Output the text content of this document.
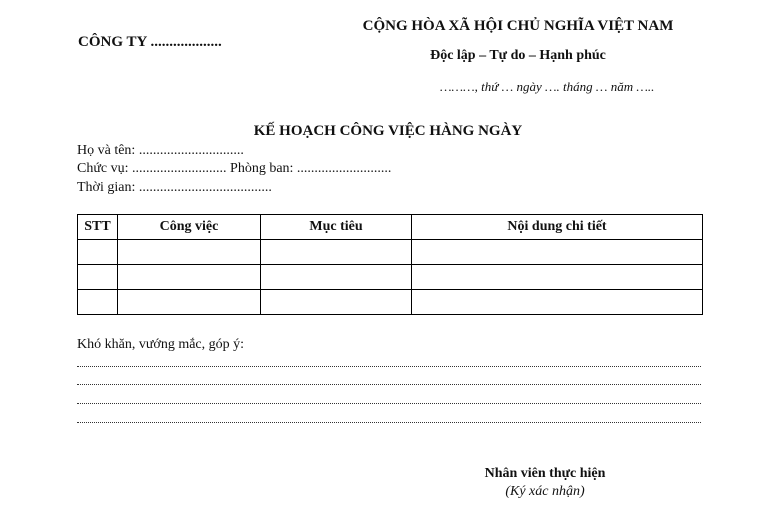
CÔNG TY ...................
CỘNG HÒA XÃ HỘI CHỦ NGHĨA VIỆT NAM
Độc lập – Tự do – Hạnh phúc
………, thứ … ngày …. tháng … năm …..
KẾ HOẠCH CÔNG VIỆC HÀNG NGÀY
Họ và tên: ..............................
Chức vụ: ........................... Phòng ban: ...........................
Thời gian: ......................................
STT	Công việc	Mục tiêu	Nội dung chi tiết

Khó khăn, vướng mắc, góp ý:
Nhân viên thực hiện
(Ký xác nhận)
